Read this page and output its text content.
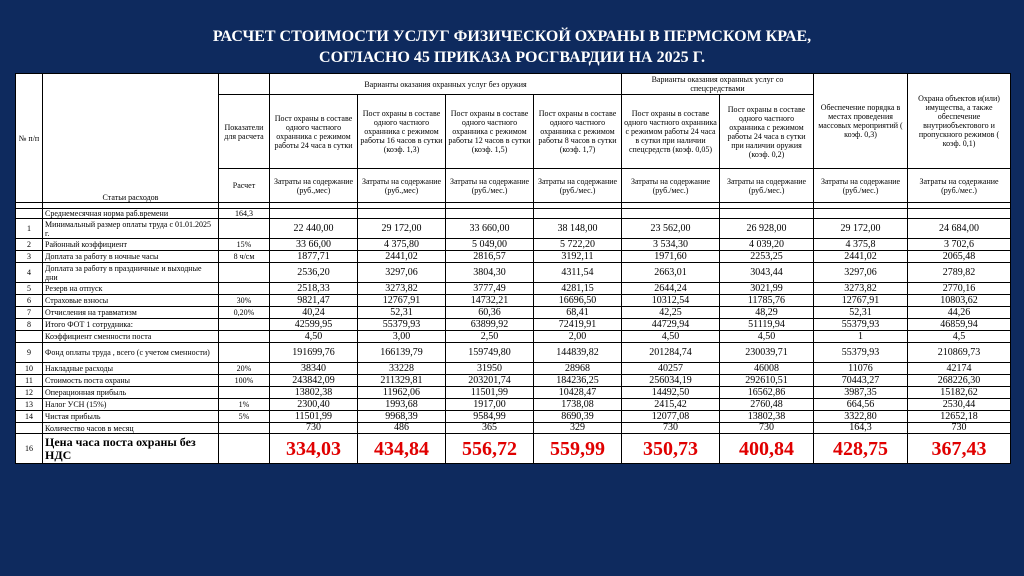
РАСЧЕТ СТОИМОСТИ УСЛУГ ФИЗИЧЕСКОЙ ОХРАНЫ В ПЕРМСКОМ КРАЕ,
СОГЛАСНО 45 ПРИКАЗА РОСГВАРДИИ НА 2025 Г.
№ п/п	Статьи расходов		Варианты оказания охранных услуг без оружия				Варианты оказания охранных услуг со спецсредствами		Обеспечение порядка в местах проведения массовых мероприятий ( коэф. 0,3)	Охрана объектов и(или) имущества, а также обеспечение внутриобъектового и пропускного режимов ( коэф. 0,1)
		Показатели для расчета	Пост охраны в составе одного частного охранника с режимом работы 24 часа в сутки	Пост охраны в составе одного частного охранника с режимом работы 16 часов в сутки (коэф. 1,3)	Пост охраны в составе одного частного охранника с режимом работы 12 часов в сутки (коэф. 1,5)	Пост охраны в составе одного частного охранника с режимом работы 8 часов в сутки (коэф. 1,7)	Пост охраны в составе одного частного охранника с режимом работы 24 часа в сутки при наличии спецсредств (коэф. 0,05)	Пост охраны в составе одного частного охранника с режимом работы 24 часа в сутки при наличии оружия (коэф. 0,2)		
		Расчет	Затраты на содержание (руб.,мес)	Затраты на содержание (руб.,мес)	Затраты на содержание (руб./мес.)	Затраты на содержание (руб./мес.)	Затраты на содержание (руб./мес.)	Затраты на содержание (руб./мес.)	Затраты на содержание (руб./мес.)	Затраты на содержание (руб./мес.)

	Среднемесячная норма раб.времени	164,3								
1	Минимальный размер оплаты труда с 01.01.2025 г.		22 440,00	29 172,00	33 660,00	38 148,00	23 562,00	26 928,00	29 172,00	24 684,00
2	Районный коэффициент	15%	33 66,00	4 375,80	5 049,00	5 722,20	3 534,30	4 039,20	4 375,8	3 702,6
3	Доплата за работу в ночные часы	8 ч/см	1877,71	2441,02	2816,57	3192,11	1971,60	2253,25	2441,02	2065,48
4	Доплата за работу в праздничные и выходные дни		2536,20	3297,06	3804,30	4311,54	2663,01	3043,44	3297,06	2789,82
5	Резерв на отпуск		2518,33	3273,82	3777,49	4281,15	2644,24	3021,99	3273,82	2770,16
6	Страховые взносы	30%	9821,47	12767,91	14732,21	16696,50	10312,54	11785,76	12767,91	10803,62
7	Отчисления на травматизм	0,20%	40,24	52,31	60,36	68,41	42,25	48,29	52,31	44,26
8	Итого ФОТ 1 сотрудника:		42599,95	55379,93	63899,92	72419,91	44729,94	51119,94	55379,93	46859,94
	Коэффициент сменности поста		4,50	3,00	2,50	2,00	4,50	4,50	1	4,5
9	Фонд оплаты труда , всего (с учетом сменности)		191699,76	166139,79	159749,80	144839,82	201284,74	230039,71	55379,93	210869,73
10	Накладные расходы	20%	38340	33228	31950	28968	40257	46008	11076	42174
11	Стоимость поста охраны	100%	243842,09	211329,81	203201,74	184236,25	256034,19	292610,51	70443,27	268226,30
12	Операционная прибыль		13802,38	11962,06	11501,99	10428,47	14492,50	16562,86	3987,35	15182,62
13	Налог УСН (15%)	1%	2300,40	1993,68	1917,00	1738,08	2415,42	2760,48	664,56	2530,44
14	Чистая прибыль	5%	11501,99	9968,39	9584,99	8690,39	12077,08	13802,38	3322,80	12652,18
	Количество часов в месяц		730	486	365	329	730	730	164,3	730
16	Цена часа поста охраны без НДС		334,03	434,84	556,72	559,99	350,73	400,84	428,75	367,43
